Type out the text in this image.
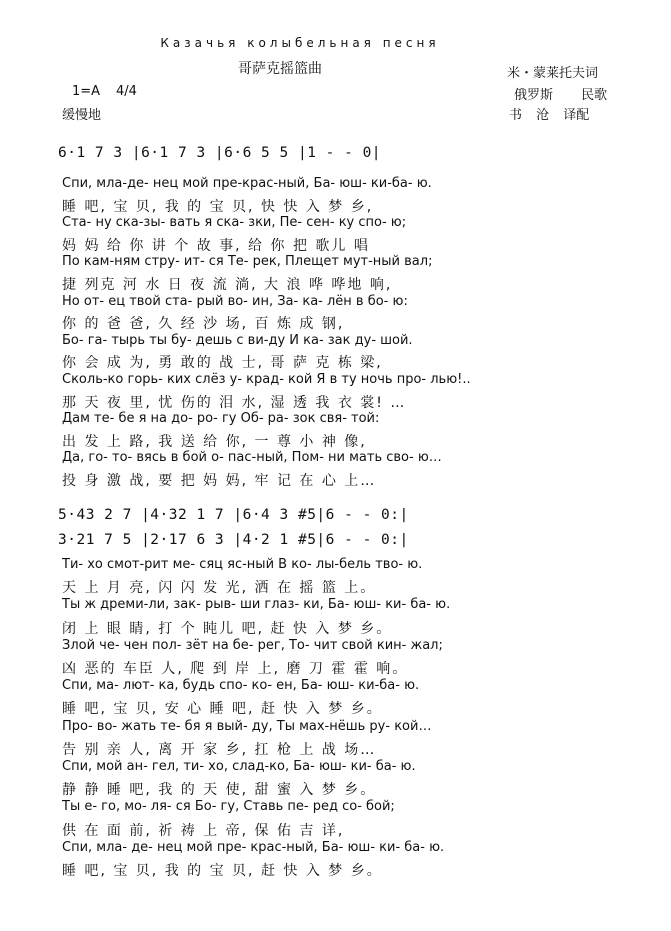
Казачья колыбельная песня
哥萨克摇篮曲	米・蒙莱托夫词
俄罗斯 民歌
书 沧 译配
1=A 4/4
缓慢地
6·1 7 3 |6·1 7 3 |6·6 5 5 |1 - - 0|
Спи, мла-де- нец мой пре-крас-ный, Ба- юш- ки-ба- ю.
睡 吧, 宝 贝, 我 的 宝 贝, 快 快 入 梦 乡,
Ста- ну ска-зы- вать я ска- зки, Пе- сен- ку спо- ю;
妈 妈 给 你 讲 个 故 事, 给 你 把 歌儿 唱
По кам-ням стру- ит- ся Те- рек, Плещет мут-ный вал;
捷 列克 河 水 日 夜 流 淌, 大 浪 哗 哗地 响,
Но от- ец твой ста- рый во- ин, За- ка- лён в бо- ю:
你 的 爸 爸, 久 经 沙 场, 百 炼 成 钢,
Бо- га- тырь ты бу- дешь с ви-ду И ка- зак ду- шой.
你 会 成 为, 勇 敢的 战 士, 哥 萨 克 栋 梁,
Сколь-ко горь- ких слёз у- крад- кой Я в ту ночь про- лью!..
那 天 夜 里, 忧 伤的 泪 水, 湿 透 我 衣 裳! …
Дам те- бе я на до- ро- гу Об- ра- зок свя- той:
出 发 上 路, 我 送 给 你, 一 尊 小 神 像,
Да, го- то- вясь в бой о- пас-ный, Пом- ни мать сво- ю…
投 身 激 战, 要 把 妈 妈, 牢 记 在 心 上…
5·43 2 7 |4·32 1 7 |6·4 3 #5|6 - - 0:|
3·21 7 5 |2·17 6 3 |4·2 1 #5|6 - - 0:|
Ти- хо смот-рит ме- сяц яс-ный В ко- лы-бель тво- ю.
天 上 月 亮, 闪 闪 发 光, 洒 在 摇 篮 上。
Ты ж дреми-ли, зак- рыв- ши глаз- ки, Ба- юш- ки- ба- ю.
闭 上 眼 睛, 打 个 盹儿 吧, 赶 快 入 梦 乡。
Злой че- чен пол- зёт на бе- рег, То- чит свой кин- жал;
凶 恶的 车臣 人, 爬 到 岸 上, 磨 刀 霍 霍 响。
Спи, ма- лют- ка, будь спо- ко- ен, Ба- юш- ки-ба- ю.
睡 吧, 宝 贝, 安 心 睡 吧, 赶 快 入 梦 乡。
Про- во- жать те- бя я вый- ду, Ты мах-нёшь ру- кой…
告 别 亲 人, 离 开 家 乡, 扛 枪 上 战 场…
Спи, мой ан- гел, ти- хо, слад-ко, Ба- юш- ки- ба- ю.
静 静 睡 吧, 我 的 天 使, 甜 蜜 入 梦 乡。
Ты е- го, мо- ля- ся Бо- гу, Ставь пе- ред со- бой;
供 在 面 前, 祈 祷 上 帝, 保 佑 吉 详,
Спи, мла- де- нец мой пре- крас-ный, Ба- юш- ки- ба- ю.
睡 吧, 宝 贝, 我 的 宝 贝, 赶 快 入 梦 乡。
